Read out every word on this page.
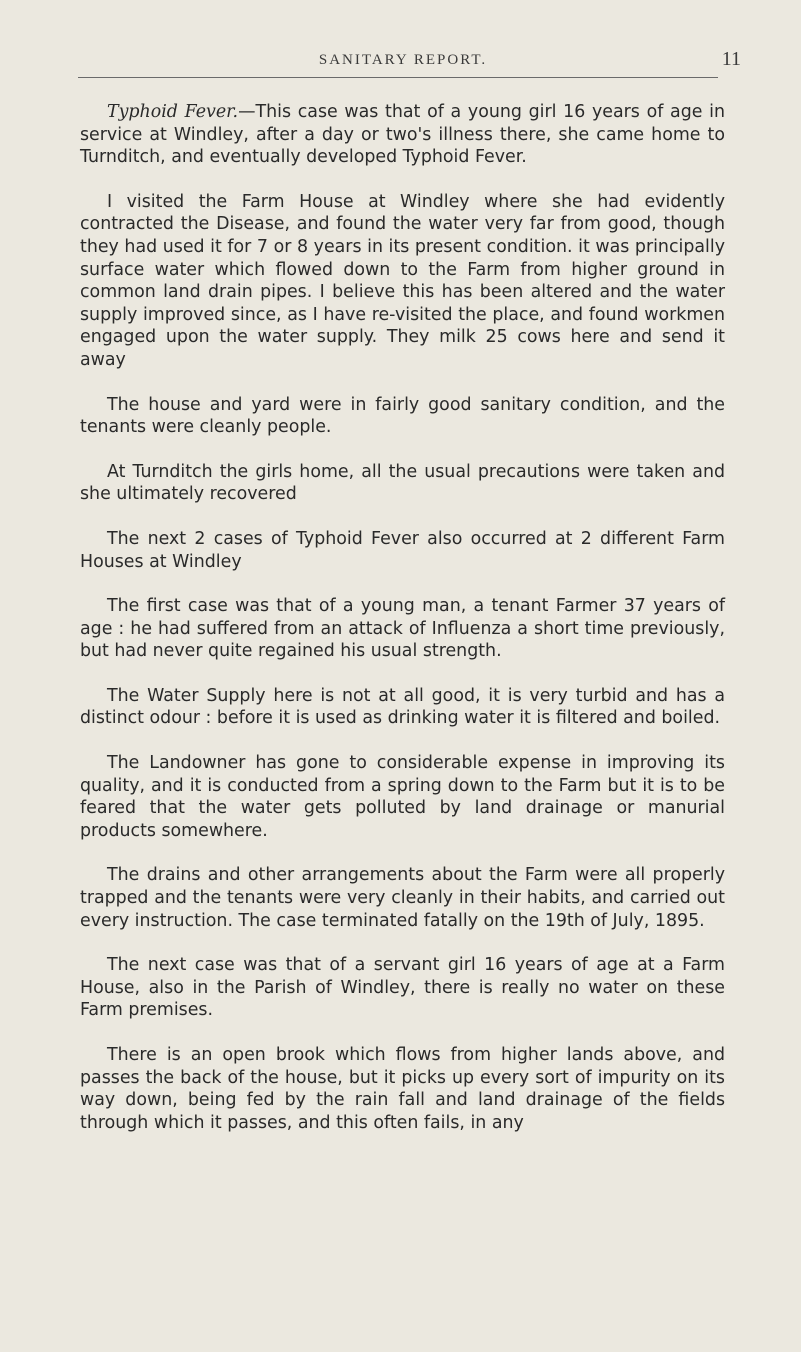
SANITARY REPORT.	11

Typhoid Fever.—This case was that of a young girl 16 years of age in service at Windley, after a day or two's illness there, she came home to Turnditch, and eventually developed Typhoid Fever.

I visited the Farm House at Windley where she had evidently contracted the Disease, and found the water very far from good, though they had used it for 7 or 8 years in its present condition. it was principally surface water which flowed down to the Farm from higher ground in common land drain pipes. I believe this has been altered and the water supply improved since, as I have re-visited the place, and found workmen engaged upon the water supply. They milk 25 cows here and send it away

The house and yard were in fairly good sanitary condition, and the tenants were cleanly people.

At Turnditch the girls home, all the usual precautions were taken and she ultimately recovered

The next 2 cases of Typhoid Fever also occurred at 2 different Farm Houses at Windley

The first case was that of a young man, a tenant Farmer 37 years of age : he had suffered from an attack of Influenza a short time previously, but had never quite regained his usual strength.

The Water Supply here is not at all good, it is very turbid and has a distinct odour : before it is used as drinking water it is filtered and boiled.

The Landowner has gone to considerable expense in improving its quality, and it is conducted from a spring down to the Farm but it is to be feared that the water gets polluted by land drainage or manurial products somewhere.

The drains and other arrangements about the Farm were all properly trapped and the tenants were very cleanly in their habits, and carried out every instruction. The case terminated fatally on the 19th of July, 1895.

The next case was that of a servant girl 16 years of age at a Farm House, also in the Parish of Windley, there is really no water on these Farm premises.

There is an open brook which flows from higher lands above, and passes the back of the house, but it picks up every sort of impurity on its way down, being fed by the rain fall and land drainage of the fields through which it passes, and this often fails, in any
